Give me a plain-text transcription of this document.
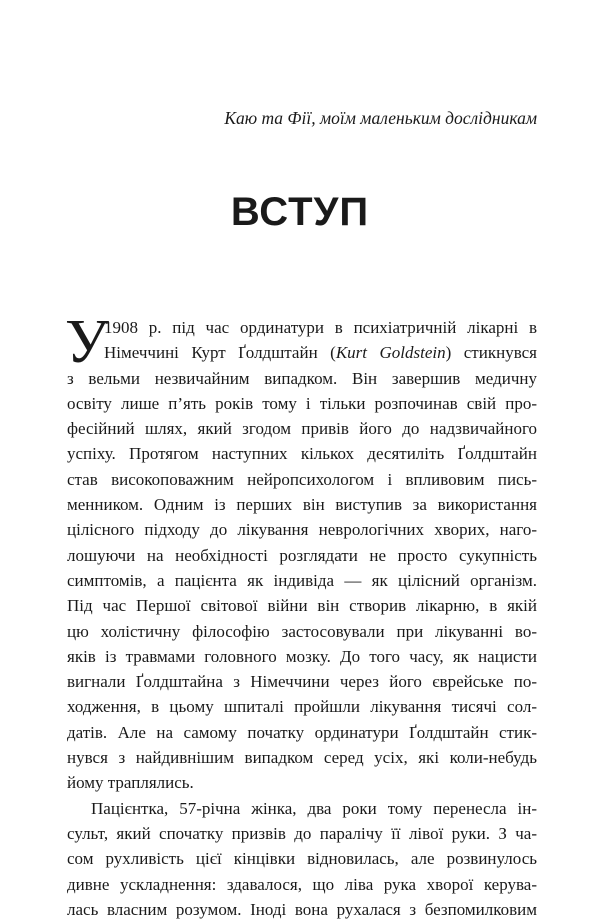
Каю та Фії, моїм маленьким дослідникам
ВСТУП
У
1908 р. під час ординатури в психіатричній лікарні в
Німеччині Курт Ґолдштайн (Kurt Goldstein) стикнувся
з вельми незвичайним випадком. Він завершив медичну
освіту лише п’ять років тому і тільки розпочинав свій про-
фесійний шлях, який згодом привів його до надзвичайного
успіху. Протягом наступних кількох десятиліть Ґолдштайн
став високоповажним нейропсихологом і впливовим пись-
менником. Одним із перших він виступив за використання
цілісного підходу до лікування неврологічних хворих, наго-
лошуючи на необхідності розглядати не просто сукупність
симптомів, а пацієнта як індивіда — як цілісний організм.
Під час Першої світової війни він створив лікарню, в якій
цю холістичну філософію застосовували при лікуванні во-
яків із травмами головного мозку. До того часу, як нацисти
вигнали Ґолдштайна з Німеччини через його єврейське по-
ходження, в цьому шпиталі пройшли лікування тисячі сол-
датів. Але на самому початку ординатури Ґолдштайн стик-
нувся з найдивнішим випадком серед усіх, які коли-небудь
йому траплялись.
Пацієнтка, 57-річна жінка, два роки тому перенесла ін-
сульт, який спочатку призвів до паралічу її лівої руки. З ча-
сом рухливість цієї кінцівки відновилась, але розвинулось
дивне ускладнення: здавалося, що ліва рука хворої керува-
лась власним розумом. Іноді вона рухалася з безпомилковим
